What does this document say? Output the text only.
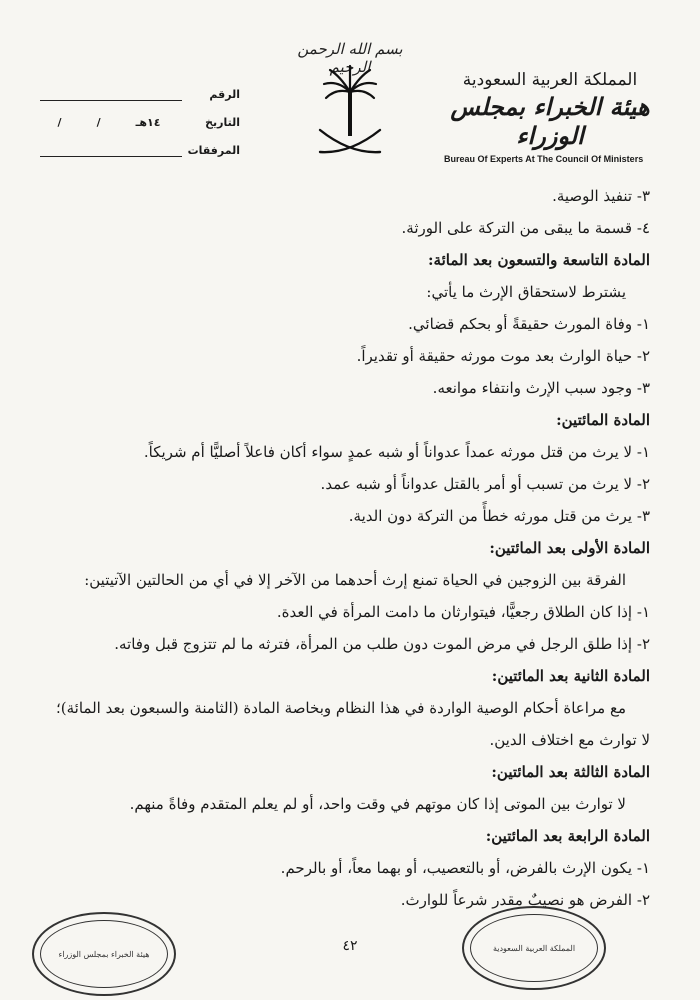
بسم الله الرحمن الرحيم
المملكة العربية السعودية
هيئة الخبراء بمجلس الوزراء
Bureau Of Experts At The Council Of Ministers
الرقم
التاريخ
١٤هـ
/
/
المرفقات
٣- تنفيذ الوصية.
٤- قسمة ما يبقى من التركة على الورثة.
المادة التاسعة والتسعون بعد المائة:
يشترط لاستحقاق الإرث ما يأتي:
١- وفاة المورث حقيقةً أو بحكم قضائي.
٢- حياة الوارث بعد موت مورثه حقيقة أو تقديراً.
٣- وجود سبب الإرث وانتفاء موانعه.
المادة المائتين:
١- لا يرث من قتل مورثه عمداً عدواناً أو شبه عمدٍ سواء أكان فاعلاً أصليًّا أم شريكاً.
٢- لا يرث من تسبب أو أمر بالقتل عدواناً أو شبه عمد.
٣- يرث من قتل مورثه خطأً من التركة دون الدية.
المادة الأولى بعد المائتين:
الفرقة بين الزوجين في الحياة تمنع إرث أحدهما من الآخر إلا في أي من الحالتين الآتيتين:
١- إذا كان الطلاق رجعيًّا، فيتوارثان ما دامت المرأة في العدة.
٢- إذا طلق الرجل في مرض الموت دون طلب من المرأة، فترثه ما لم تتزوج قبل وفاته.
المادة الثانية بعد المائتين:
مع مراعاة أحكام الوصية الواردة في هذا النظام وبخاصة المادة (الثامنة والسبعون بعد المائة)؛
لا توارث مع اختلاف الدين.
المادة الثالثة بعد المائتين:
لا توارث بين الموتى إذا كان موتهم في وقت واحد، أو لم يعلم المتقدم وفاةً منهم.
المادة الرابعة بعد المائتين:
١- يكون الإرث بالفرض، أو بالتعصيب، أو بهما معاً، أو بالرحم.
٢- الفرض هو نصيبٌ مقدر شرعاً للوارث.
هيئة الخبراء بمجلس الوزراء	٤٢	المملكة العربية السعودية
